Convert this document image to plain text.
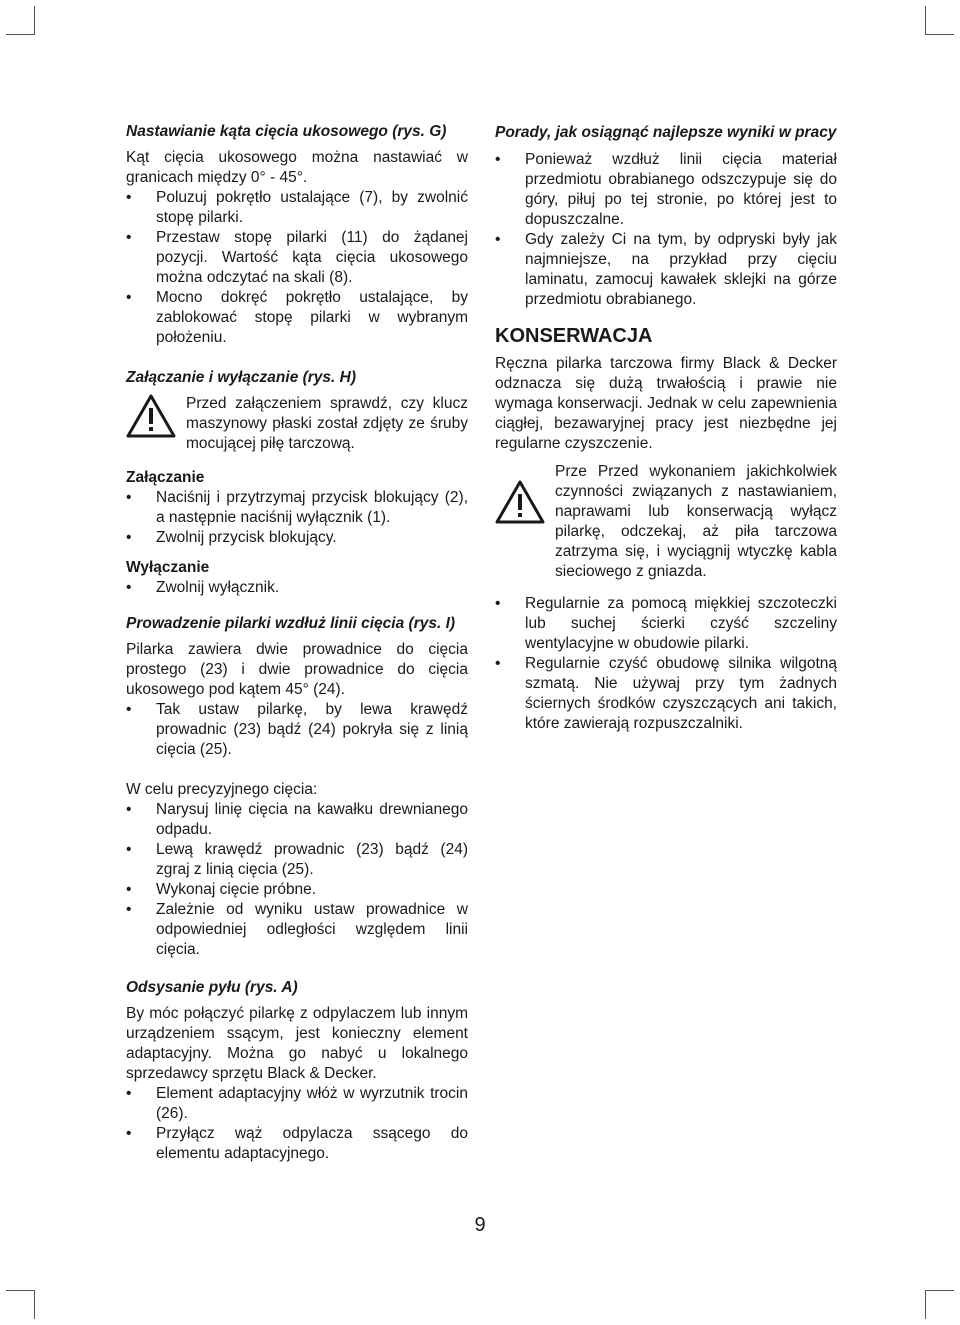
Nastawianie kąta cięcia ukosowego (rys. G)

Kąt cięcia ukosowego można nastawiać w granicach między 0° - 45°.

• Poluzuj pokrętło ustalające (7), by zwolnić stopę pilarki.
• Przestaw stopę pilarki (11) do żądanej pozycji. Wartość kąta cięcia ukosowego można odczytać na skali (8).
• Mocno dokręć pokrętło ustalające, by zablokować stopę pilarki w wybranym położeniu.

Załączanie i wyłączanie (rys. H)

Przed załączeniem sprawdź, czy klucz maszynowy płaski został zdjęty ze śruby mocującej piłę tarczową.

Załączanie

• Naciśnij i przytrzymaj przycisk blokujący (2), a następnie naciśnij wyłącznik (1).
• Zwolnij przycisk blokujący.

Wyłączanie

• Zwolnij wyłącznik.

Prowadzenie pilarki wzdłuż linii cięcia (rys. I)

Pilarka zawiera dwie prowadnice do cięcia prostego (23) i dwie prowadnice do cięcia ukosowego pod kątem 45° (24).

• Tak ustaw pilarkę, by lewa krawędź prowadnic (23) bądź (24) pokryła się z linią cięcia (25).

W celu precyzyjnego cięcia:

• Narysuj linię cięcia na kawałku drewnianego odpadu.
• Lewą krawędź prowadnic (23) bądź (24) zgraj z linią cięcia (25).
• Wykonaj cięcie próbne.
• Zależnie od wyniku ustaw prowadnice w odpowiedniej odległości względem linii cięcia.

Odsysanie pyłu (rys. A)

By móc połączyć pilarkę z odpylaczem lub innym urządzeniem ssącym, jest konieczny element adaptacyjny. Można go nabyć u lokalnego sprzedawcy sprzętu Black & Decker.

• Element adaptacyjny włóż w wyrzutnik trocin (26).
• Przyłącz wąż odpylacza ssącego do elementu adaptacyjnego.

Porady, jak osiągnąć najlepsze wyniki w pracy

• Ponieważ wzdłuż linii cięcia materiał przedmiotu obrabianego odszczypuje się do góry, piłuj po tej stronie, po której jest to dopuszczalne.
• Gdy zależy Ci na tym, by odpryski były jak najmniejsze, na przykład przy cięciu laminatu, zamocuj kawałek sklejki na górze przedmiotu obrabianego.

KONSERWACJA

Ręczna pilarka tarczowa firmy Black & Decker odznacza się dużą trwałością i prawie nie wymaga konserwacji. Jednak w celu zapewnienia ciągłej, bezawaryjnej pracy jest niezbędne jej regularne czyszczenie.

Prze Przed wykonaniem jakichkolwiek czynności związanych z nastawianiem, naprawami lub konserwacją wyłącz pilarkę, odczekaj, aż piła tarczowa zatrzyma się, i wyciągnij wtyczkę kabla sieciowego z gniazda.
• Regularnie za pomocą miękkiej szczoteczki lub suchej ścierki czyść szczeliny wentylacyjne w obudowie pilarki.
• Regularnie czyść obudowę silnika wilgotną szmatą. Nie używaj przy tym żadnych ściernych środków czyszczących ani takich, które zawierają rozpuszczalniki.
9
